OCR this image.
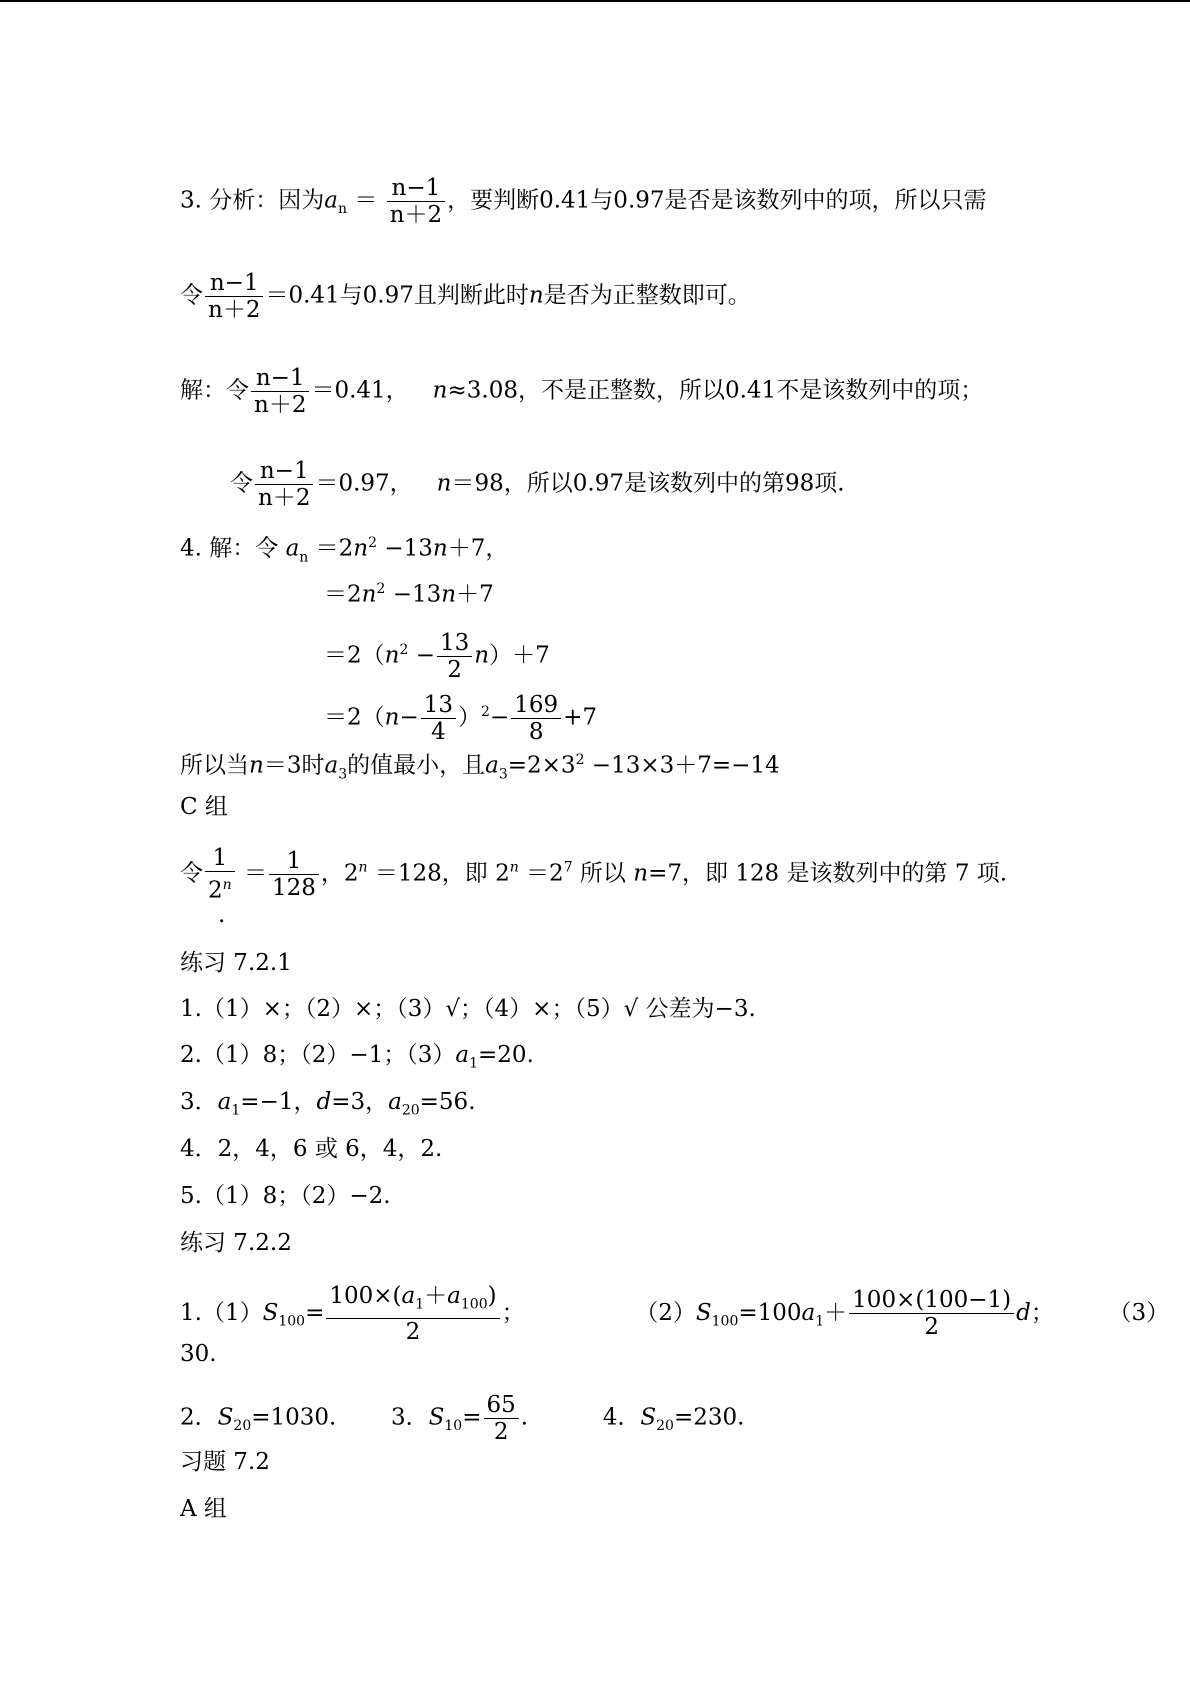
3. 分析：因为$a_n = \frac{n-1}{n+2}$ ，要判断0.41与0.97是否是该数列中的项，所以只需
令 $\frac{n-1}{n+2} =0.41$与0.97且判断此时n是否为正整数即可。
解：令 $\frac{n-1}{n+2} =0.41$， n≈3.08，不是正整数，所以0.41不是该数列中的项；
令 $\frac{n-1}{n+2} =0.97$， n＝98，所以0.97是该数列中的第98项.
4. 解：令 $a_n =2n^2 -13n+7$，
$=2n^2 -13n+7$
$=2(n^2 - \frac{13}{2} n)+7$
$=2(n- \frac{13}{4} )^2- \frac{169}{8} +7$
所以当n＝3时$a_3$的值最小，且$a_3=2\times 3^2 -13\times 3+7=-14$
C 组
令 $\frac{1}{2^n} = \frac{1}{128}$ ，$2^n =128$，即 $2^n =2^7$ 所以 n=7，即 128 是该数列中的第 7 项.
.
练习 7.2.1
1.（1）×；（2）×；（3）√；（4）×；（5）√ 公差为−3.
2.（1）8；（2）−1；$(3)a_1=20$.
3．$a_1=-1$，d=3，$a_{20}=56$.
4．2，4，6 或 6，4，2.
5.（1）8；（2）−2.
练习 7.2.2
$1.(1)S_{100}= \frac{100\times(a_1+a_{100})}{2}$ ；	$(2)S_{100}=100a_1+ \frac{100\times(100-1)}{2}$ d； （3）
30.
2．$S_{20}=1030$. 3．$S_{10}= \frac{65}{2}$ .	4．$S_{20}=230$.
习题 7.2
A 组
